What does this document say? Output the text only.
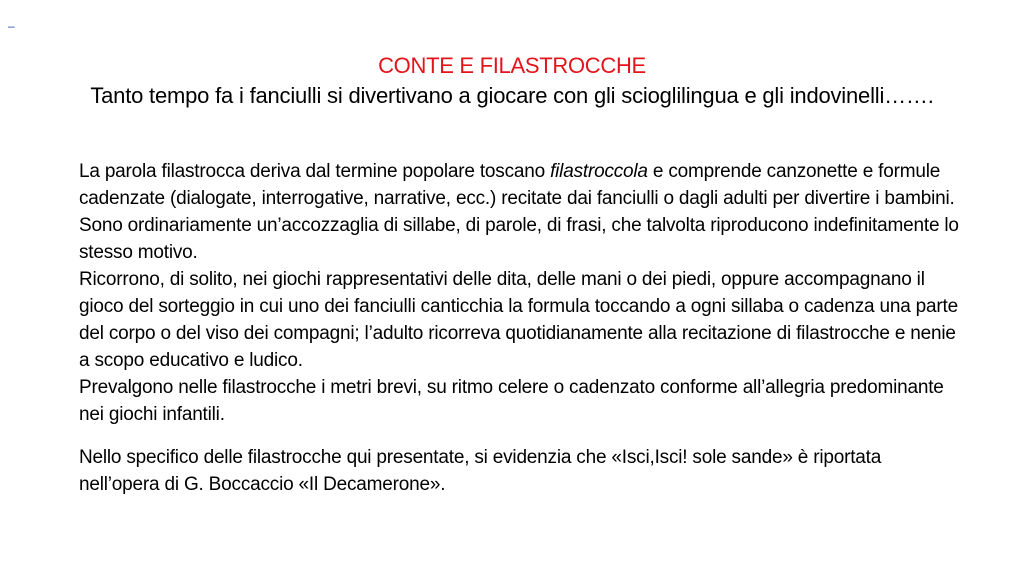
–
CONTE E FILASTROCCHE
Tanto tempo fa i fanciulli si divertivano a giocare con gli scioglilingua e gli indovinelli…….

La parola filastrocca deriva dal termine popolare toscano filastroccola e comprende canzonette e formule cadenzate (dialogate, interrogative, narrative, ecc.) recitate dai fanciulli o dagli adulti per divertire i bambini.

Sono ordinariamente un’accozzaglia di sillabe, di parole, di frasi, che talvolta riproducono indefinitamente lo stesso motivo.

Ricorrono, di solito, nei giochi rappresentativi delle dita, delle mani o dei piedi, oppure accompagnano il gioco del sorteggio in cui uno dei fanciulli canticchia la formula toccando a ogni sillaba o cadenza una parte del corpo o del viso dei compagni; l’adulto ricorreva quotidianamente alla recitazione di filastrocche e nenie a scopo educativo e ludico.

Prevalgono nelle filastrocche i metri brevi, su ritmo celere o cadenzato conforme all’allegria predominante nei giochi infantili.

Nello specifico delle filastrocche qui presentate, si evidenzia che «Isci,Isci! sole sande» è riportata nell’opera di G. Boccaccio «Il Decamerone».
